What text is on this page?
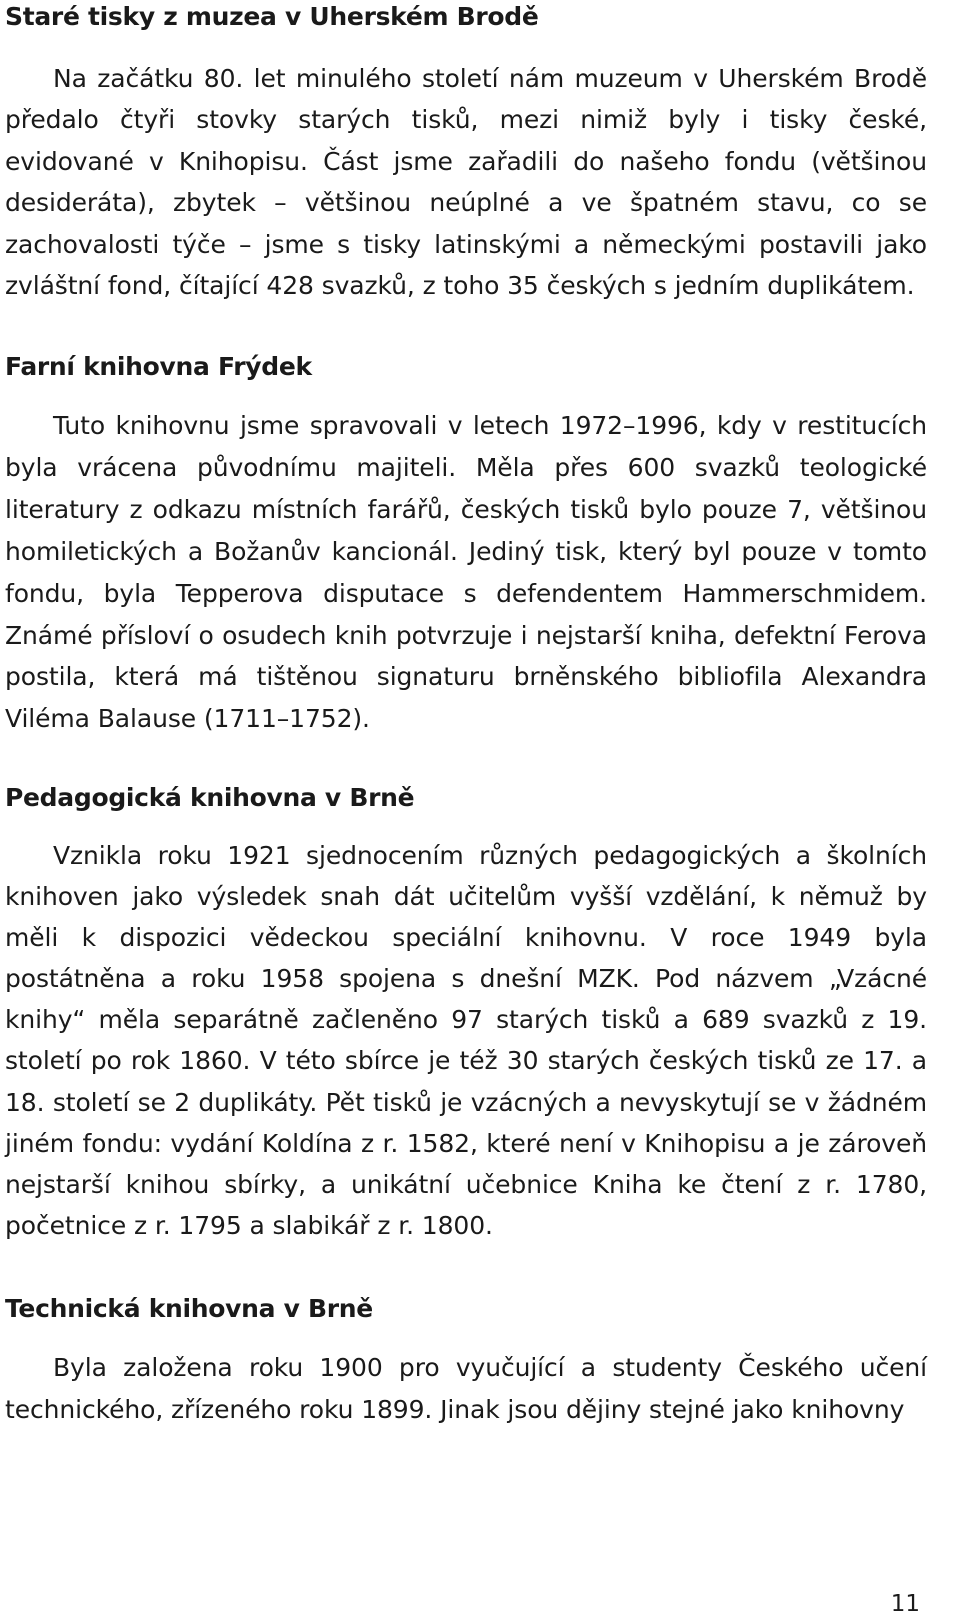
Staré tisky z muzea v Uherském Brodě

Na začátku 80. let minulého století nám muzeum v Uherském Brodě předalo čtyři stovky starých tisků, mezi nimiž byly i tisky české, evidované v Knihopisu. Část jsme zařadili do našeho fondu (většinou desideráta), zbytek – většinou neúplné a ve špatném stavu, co se zachovalosti týče – jsme s tisky latinskými a německými postavili jako zvláštní fond, čítající 428 svazků, z toho 35 českých s jedním duplikátem.

Farní knihovna Frýdek

Tuto knihovnu jsme spravovali v letech 1972–1996, kdy v restitucích byla vrácena původnímu majiteli. Měla přes 600 svazků teologické literatury z odkazu místních farářů, českých tisků bylo pouze 7, většinou homiletických a Božanův kancionál. Jediný tisk, který byl pouze v tomto fondu, byla Tepperova disputace s defendentem Hammerschmidem. Známé přísloví o osudech knih potvrzuje i nejstarší kniha, defektní Ferova postila, která má tištěnou signaturu brněnského bibliofila Alexandra Viléma Balause (1711–1752).

Pedagogická knihovna v Brně

Vznikla roku 1921 sjednocením různých pedagogických a školních knihoven jako výsledek snah dát učitelům vyšší vzdělání, k němuž by měli k dispozici vědeckou speciální knihovnu. V roce 1949 byla postátněna a roku 1958 spojena s dnešní MZK. Pod názvem „Vzácné knihy“ měla separátně začleněno 97 starých tisků a 689 svazků z 19. století po rok 1860. V této sbírce je též 30 starých českých tisků ze 17. a 18. století se 2 duplikáty. Pět tisků je vzácných a nevyskytují se v žádném jiném fondu: vydání Koldína z r. 1582, které není v Knihopisu a je zároveň nejstarší knihou sbírky, a unikátní učebnice Kniha ke čtení z r. 1780, početnice z r. 1795 a slabikář z r. 1800.

Technická knihovna v Brně

Byla založena roku 1900 pro vyučující a studenty Českého učení technického, zřízeného roku 1899. Jinak jsou dějiny stejné jako knihovny

11
